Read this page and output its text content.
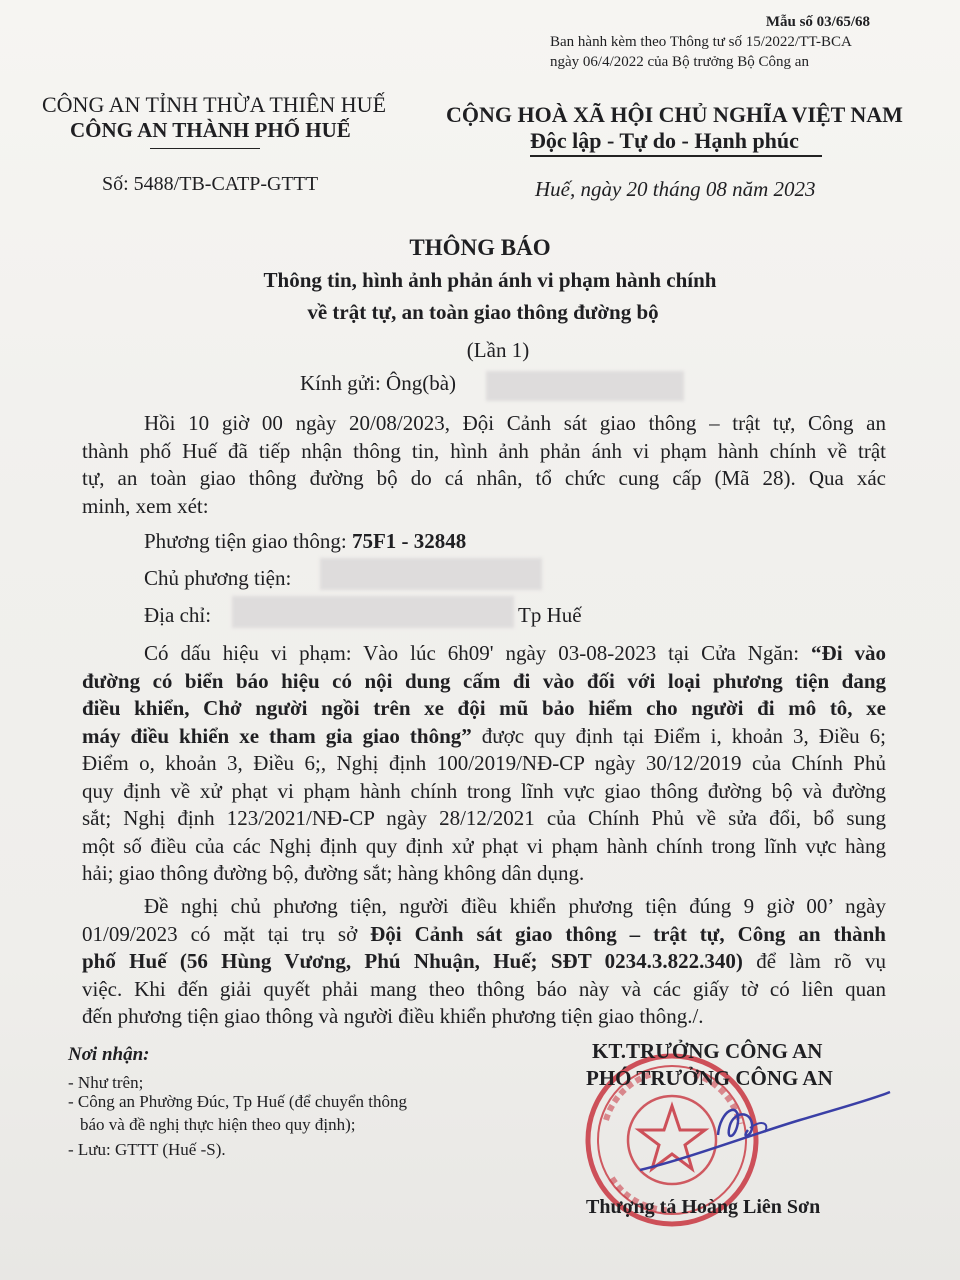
Mẫu số 03/65/68
Ban hành kèm theo Thông tư số 15/2022/TT-BCA
ngày 06/4/2022 của Bộ trưởng Bộ Công an
CÔNG AN TỈNH THỪA THIÊN HUẾ
CÔNG AN THÀNH PHỐ HUẾ
Số: 5488/TB-CATP-GTTT
CỘNG HOÀ XÃ HỘI CHỦ NGHĨA VIỆT NAM
Độc lập - Tự do - Hạnh phúc
Huế, ngày 20 tháng 08 năm 2023
THÔNG BÁO
Thông tin, hình ảnh phản ánh vi phạm hành chính
về trật tự, an toàn giao thông đường bộ
(Lần 1)
Kính gửi: Ông(bà)
Hồi 10 giờ 00 ngày 20/08/2023, Đội Cảnh sát giao thông – trật tự, Công an
thành phố Huế đã tiếp nhận thông tin, hình ảnh phản ánh vi phạm hành chính về trật
tự, an toàn giao thông đường bộ do cá nhân, tổ chức cung cấp (Mã 28). Qua xác
minh, xem xét:
Phương tiện giao thông: 75F1 - 32848
Chủ phương tiện:
Địa chỉ:	Tp Huế
Có dấu hiệu vi phạm: Vào lúc 6h09' ngày 03-08-2023 tại Cửa Ngăn: “Đi vào
đường có biển báo hiệu có nội dung cấm đi vào đối với loại phương tiện đang
điều khiển, Chở người ngồi trên xe đội mũ bảo hiểm cho người đi mô tô, xe
máy điều khiển xe tham gia giao thông” được quy định tại Điểm i, khoản 3, Điều 6;
Điểm o, khoản 3, Điều 6;, Nghị định 100/2019/NĐ-CP ngày 30/12/2019 của Chính Phủ
quy định về xử phạt vi phạm hành chính trong lĩnh vực giao thông đường bộ và đường
sắt; Nghị định 123/2021/NĐ-CP ngày 28/12/2021 của Chính Phủ về sửa đổi, bổ sung
một số điều của các Nghị định quy định xử phạt vi phạm hành chính trong lĩnh vực hàng
hải; giao thông đường bộ, đường sắt; hàng không dân dụng.
Đề nghị chủ phương tiện, người điều khiển phương tiện đúng 9 giờ 00’ ngày
01/09/2023 có mặt tại trụ sở Đội Cảnh sát giao thông – trật tự, Công an thành
phố Huế (56 Hùng Vương, Phú Nhuận, Huế; SĐT 0234.3.822.340) để làm rõ vụ
việc. Khi đến giải quyết phải mang theo thông báo này và các giấy tờ có liên quan
đến phương tiện giao thông và người điều khiển phương tiện giao thông./.
Nơi nhận:
- Như trên;
- Công an Phường Đúc, Tp Huế (để chuyển thông
báo và đề nghị thực hiện theo quy định);
- Lưu: GTTT (Huế -S).
KT.TRƯỞNG CÔNG AN
PHÓ TRƯỞNG CÔNG AN
Thượng tá Hoàng Liên Sơn
